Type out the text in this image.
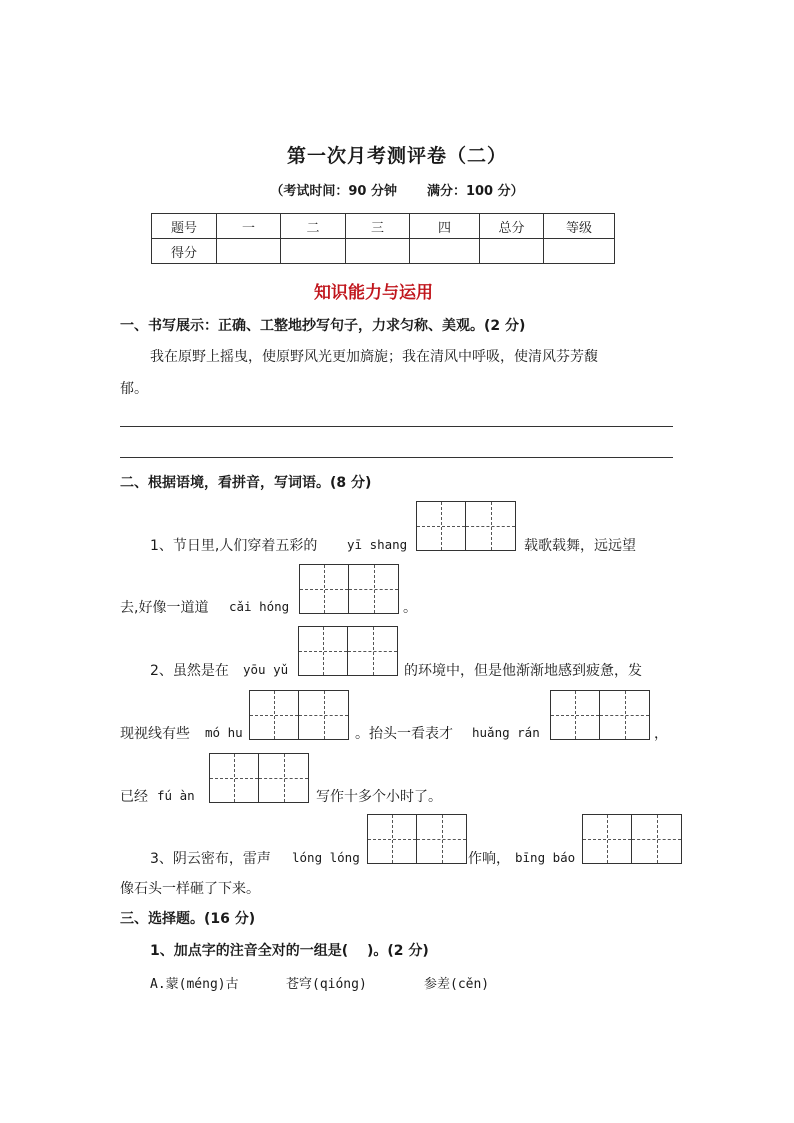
第一次月考测评卷（二）
（考试时间：90 分钟 满分：100 分）
题号	一	二	三	四	总分	等级
得分						
知识能力与运用
一、书写展示：正确、工整地抄写句子，力求匀称、美观。(2 分)
我在原野上摇曳，使原野风光更加旖旎；我在清风中呼吸，使清风芬芳馥
郁。
二、根据语境，看拼音，写词语。(8 分)
1、节日里,人们穿着五彩的 yī shang	载歌载舞，远远望
去,好像一道道 cǎi hóng	。
2、虽然是在 yōu yǔ	的环境中，但是他渐渐地感到疲惫，发
现视线有些 mó hu	。抬头一看表才 huǎng rán	，
已经 fú àn	写作十多个小时了。
3、阴云密布，雷声 lóng lóng	作响， bīng báo
像石头一样砸了下来。
三、选择题。(16 分)
1、加点字的注音全对的一组是(　 )。(2 分)
A.蒙(méng)古	苍穹(qióng)	参差(cěn)
